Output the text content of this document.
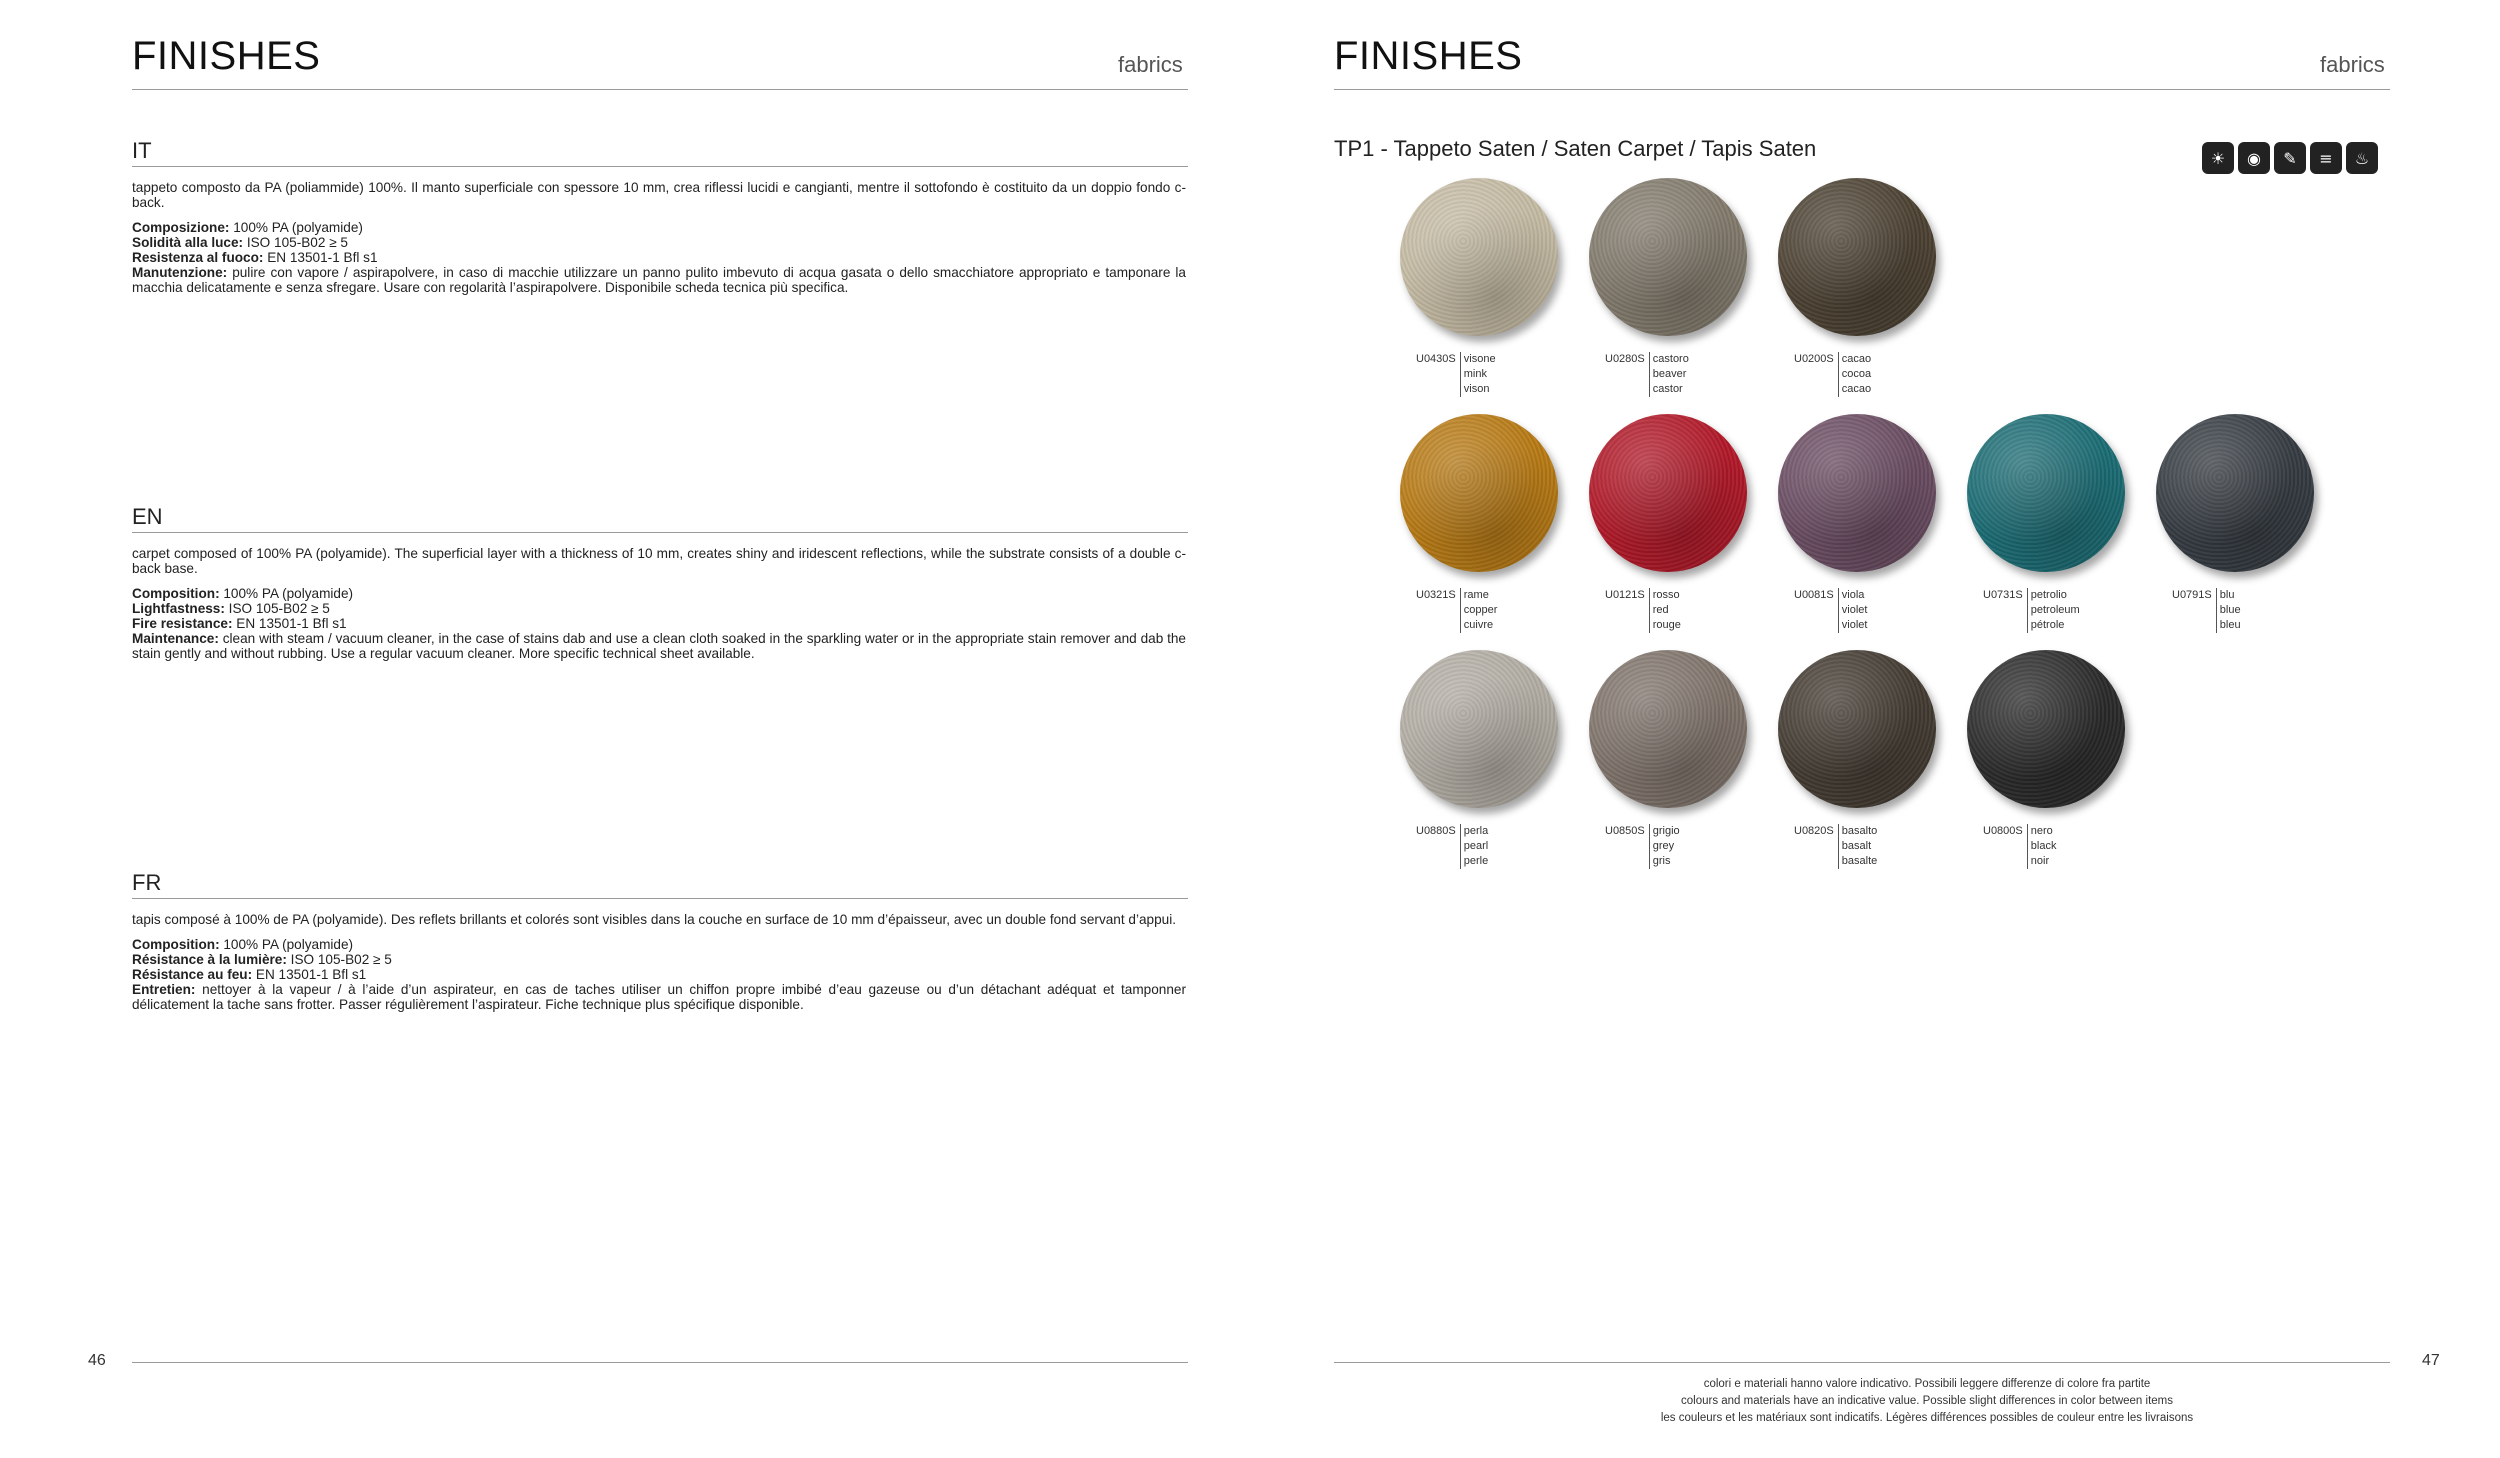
FINISHES	fabrics
IT

tappeto composto da PA (poliammide) 100%. Il manto superficiale con spessore 10 mm, crea riflessi lucidi e cangianti, mentre il sottofondo è costituito da un doppio fondo c-back.

Composizione: 100% PA (polyamide)

Solidità alla luce: ISO 105-B02 ≥ 5

Resistenza al fuoco: EN 13501-1 Bfl s1

Manutenzione: pulire con vapore / aspirapolvere, in caso di macchie utilizzare un panno pulito imbevuto di acqua gasata o dello smacchiatore appropriato e tamponare la macchia delicatamente e senza sfregare. Usare con regolarità l’aspirapolvere. Disponibile scheda tecnica più specifica.

EN

carpet composed of 100% PA (polyamide). The superficial layer with a thickness of 10 mm, creates shiny and iridescent reflections, while the substrate consists of a double c-back base.

Composition: 100% PA (polyamide)

Lightfastness: ISO 105-B02 ≥ 5

Fire resistance: EN 13501-1 Bfl s1

Maintenance: clean with steam / vacuum cleaner, in the case of stains dab and use a clean cloth soaked in the sparkling water or in the appropriate stain remover and dab the stain gently and without rubbing. Use a regular vacuum cleaner. More specific technical sheet available.

FR

tapis composé à 100% de PA (polyamide). Des reflets brillants et colorés sont visibles dans la couche en surface de 10 mm d’épaisseur, avec un double fond servant d’appui.

Composition: 100% PA (polyamide)

Résistance à la lumière: ISO 105-B02 ≥ 5

Résistance au feu: EN 13501-1 Bfl s1

Entretien: nettoyer à la vapeur / à l’aide d’un aspirateur, en cas de taches utiliser un chiffon propre imbibé d’eau gazeuse ou d’un détachant adéquat et tamponner délicatement la tache sans frotter. Passer régulièrement l’aspirateur. Fiche technique plus spécifique disponible.

46
FINISHES	fabrics
TP1 - Tappeto Saten / Saten Carpet / Tapis Saten	☀	◉	✎	≡	♨
U0430S visone
mink
vison
U0280S castoro
beaver
castor
U0200S cacao
cocoa
cacao
U0321S rame
copper
cuivre
U0121S rosso
red
rouge
U0081S viola
violet
violet
U0731S petrolio
petroleum
pétrole
U0791S blu
blue
bleu
U0880S perla
pearl
perle
U0850S grigio
grey
gris
U0820S basalto
basalt
basalte
U0800S nero
black
noir
47
colori e materiali hanno valore indicativo. Possibili leggere differenze di colore fra partite
colours and materials have an indicative value. Possible slight differences in color between items
les couleurs et les matériaux sont indicatifs. Légères différences possibles de couleur entre les livraisons
